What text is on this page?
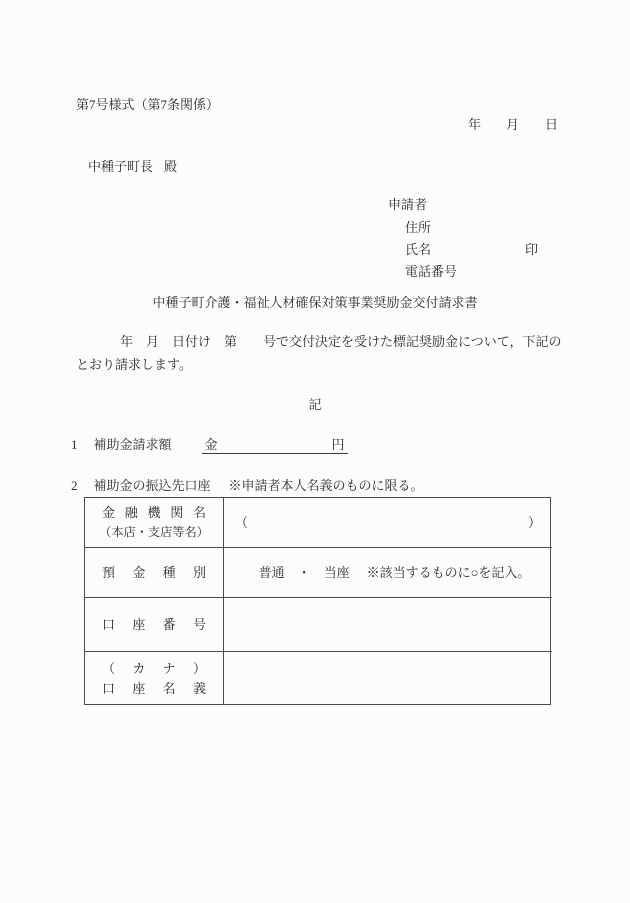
第7号様式（第7条関係）
年 月 日
中種子町長 殿
申請者
住所
氏名	印
電話番号
中種子町介護・福祉人材確保対策事業奨励金交付請求書
年　月　日付け　第　　号で交付決定を受けた標記奨励金について，下記のとおり請求します。
記
1 補助金請求額	金	円
2 補助金の振込先口座 ※申請者本人名義のものに限る。
金融機関名
（本店・支店等名）
（	）
預金種別	普通　・　当座 ※該当するものに○を記入。
口座番号
（カナ）
口座名義
